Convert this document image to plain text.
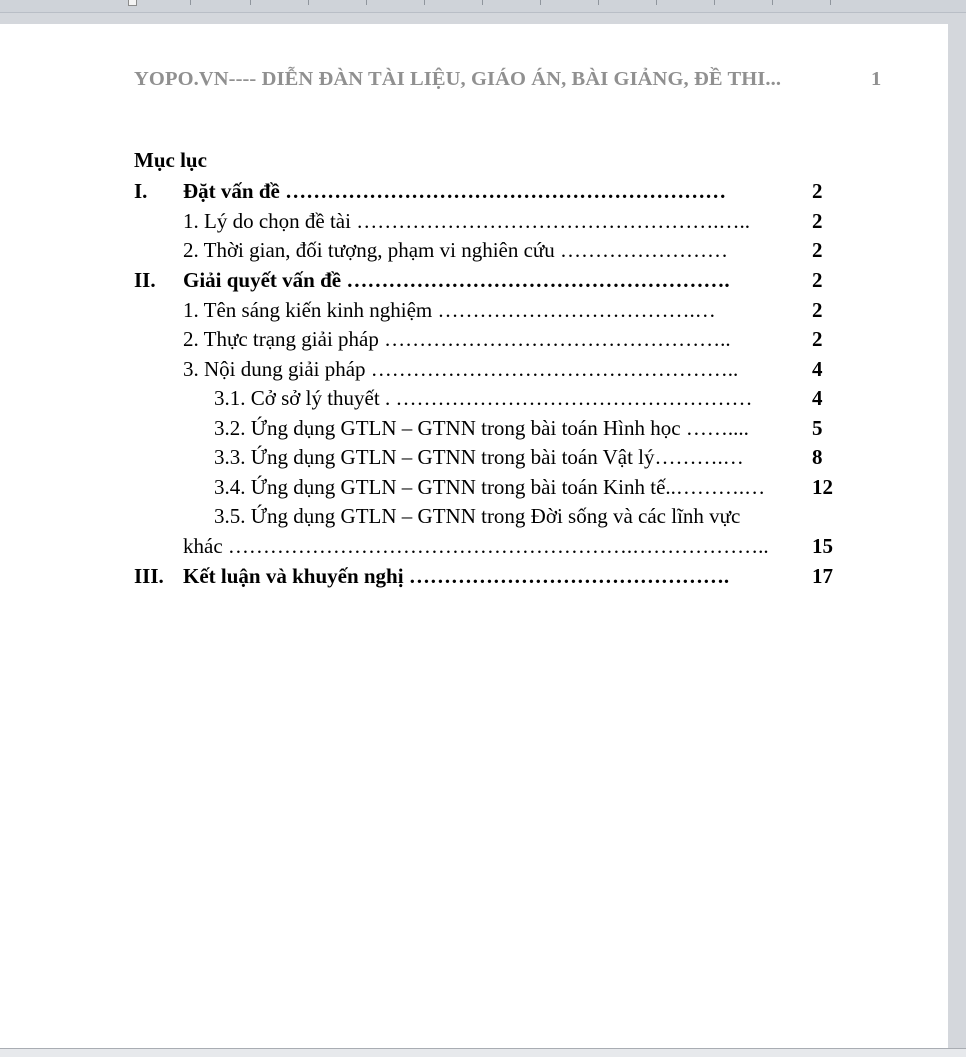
YOPO.VN---- DIỄN ĐÀN TÀI LIỆU, GIÁO ÁN, BÀI GIẢNG, ĐỀ THI...	1
Mục lục
I. Đặt vấn đề ………………………………………………………	2
1. Lý do chọn đề tài …………………………………………….…..	2
2. Thời gian, đối tượng, phạm vi nghiên cứu ……………………	2
II. Giải quyết vấn đề ……………………………………………….	2
1. Tên sáng kiến kinh nghiệm ……………………………….…	2
2. Thực trạng giải pháp …………………………………………..	2
3. Nội dung giải pháp ……………………………………………..	4
3.1. Cở sở lý thuyết . ……………………………………………	4
3.2. Ứng dụng GTLN – GTNN trong bài toán Hình học ……....	5
3.3. Ứng dụng GTLN – GTNN trong bài toán Vật lý……….…	8
3.4. Ứng dụng GTLN – GTNN trong bài toán Kinh tế..……….… 12
3.5. Ứng dụng GTLN – GTNN trong Đời sống và các lĩnh vực
khác ………………………………………………….……………….. 15
III. Kết luận và khuyến nghị ……………………………………….	17
